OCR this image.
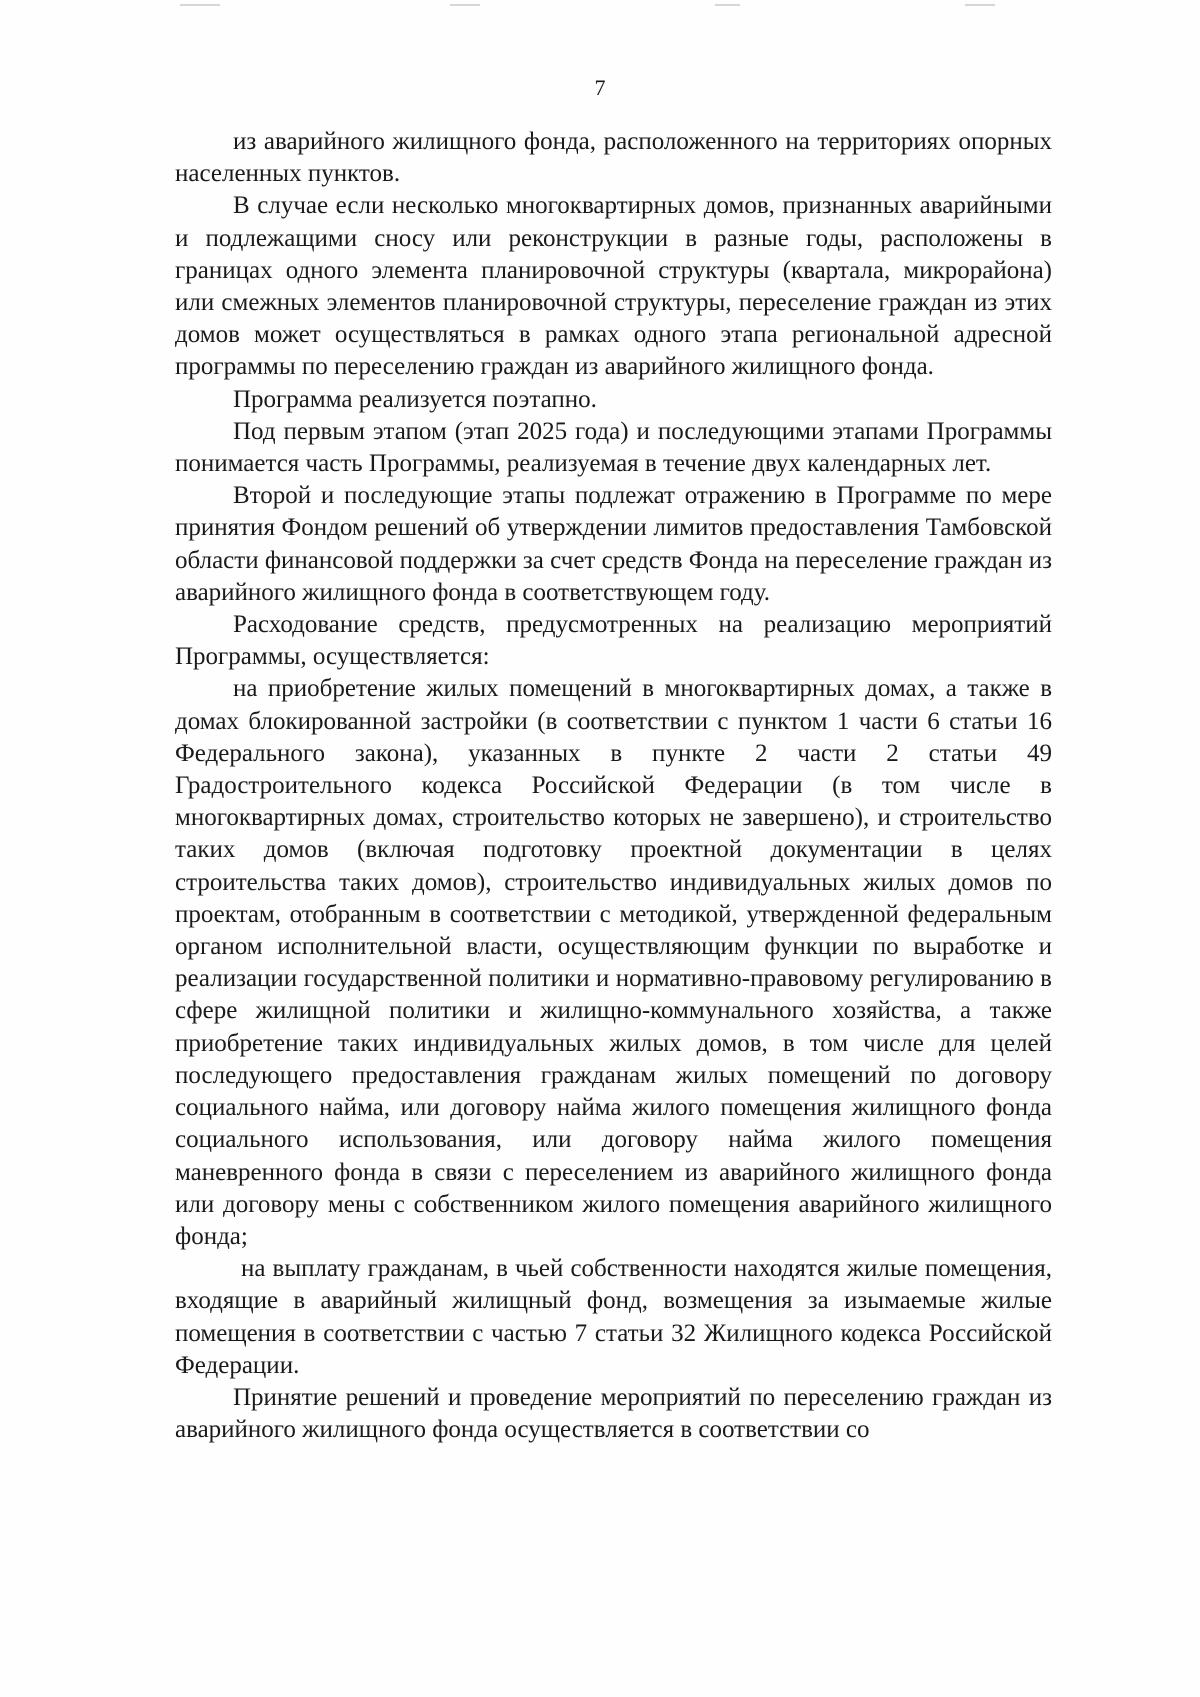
7

из аварийного жилищного фонда, расположенного на территориях опорных населенных пунктов.

В случае если несколько многоквартирных домов, признанных аварийными и подлежащими сносу или реконструкции в разные годы, расположены в границах одного элемента планировочной структуры (квартала, микрорайона) или смежных элементов планировочной структуры, переселение граждан из этих домов может осуществляться в рамках одного этапа региональной адресной программы по переселению граждан из аварийного жилищного фонда.

Программа реализуется поэтапно.

Под первым этапом (этап 2025 года) и последующими этапами Программы понимается часть Программы, реализуемая в течение двух календарных лет.

Второй и последующие этапы подлежат отражению в Программе по мере принятия Фондом решений об утверждении лимитов предоставления Тамбовской области финансовой поддержки за счет средств Фонда на переселение граждан из аварийного жилищного фонда в соответствующем году.

Расходование средств, предусмотренных на реализацию мероприятий Программы, осуществляется:

на приобретение жилых помещений в многоквартирных домах, а также в домах блокированной застройки (в соответствии с пунктом 1 части 6 статьи 16 Федерального закона), указанных в пункте 2 части 2 статьи 49 Градостроительного кодекса Российской Федерации (в том числе в многоквартирных домах, строительство которых не завершено), и строительство таких домов (включая подготовку проектной документации в целях строительства таких домов), строительство индивидуальных жилых домов по проектам, отобранным в соответствии с методикой, утвержденной федеральным органом исполнительной власти, осуществляющим функции по выработке и реализации государственной политики и нормативно-правовому регулированию в сфере жилищной политики и жилищно-коммунального хозяйства, а также приобретение таких индивидуальных жилых домов, в том числе для целей последующего предоставления гражданам жилых помещений по договору социального найма, или договору найма жилого помещения жилищного фонда социального использования, или договору найма жилого помещения маневренного фонда в связи с переселением из аварийного жилищного фонда или договору мены с собственником жилого помещения аварийного жилищного фонда;

на выплату гражданам, в чьей собственности находятся жилые помещения, входящие в аварийный жилищный фонд, возмещения за изымаемые жилые помещения в соответствии с частью 7 статьи 32 Жилищного кодекса Российской Федерации.

Принятие решений и проведение мероприятий по переселению граждан из аварийного жилищного фонда осуществляется в соответствии со
